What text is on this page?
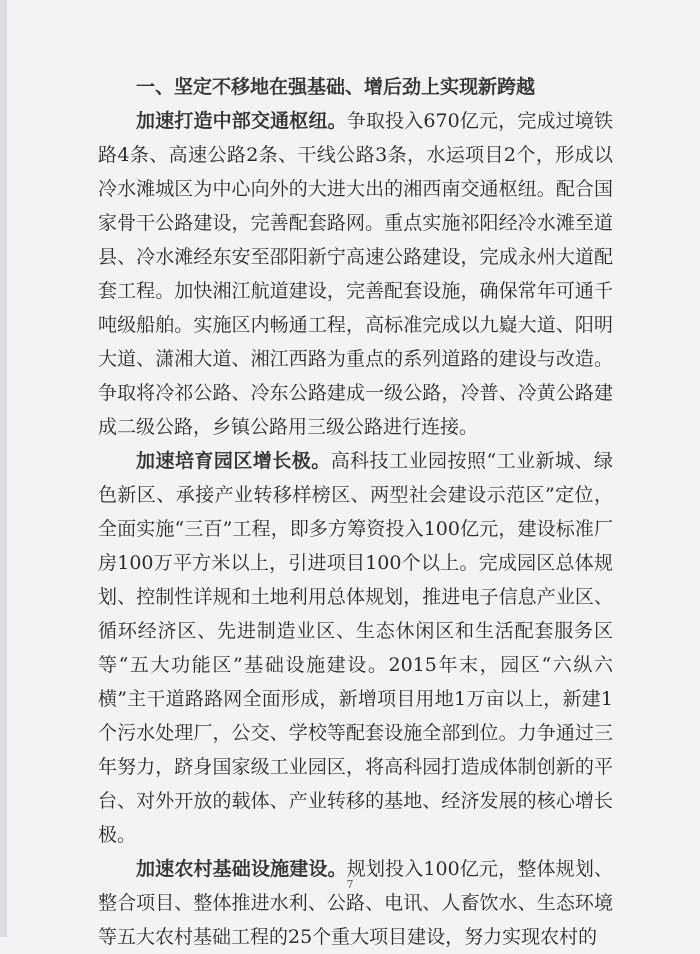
一、坚定不移地在强基础、增后劲上实现新跨越

加速打造中部交通枢纽。争取投入670亿元，完成过境铁路4条、高速公路2条、干线公路3条，水运项目2个，形成以冷水滩城区为中心向外的大进大出的湘西南交通枢纽。配合国家骨干公路建设，完善配套路网。重点实施祁阳经冷水滩至道县、冷水滩经东安至邵阳新宁高速公路建设，完成永州大道配套工程。加快湘江航道建设，完善配套设施，确保常年可通千吨级船舶。实施区内畅通工程，高标准完成以九嶷大道、阳明大道、潇湘大道、湘江西路为重点的系列道路的建设与改造。争取将冷祁公路、冷东公路建成一级公路，冷普、冷黄公路建成二级公路，乡镇公路用三级公路进行连接。

加速培育园区增长极。高科技工业园按照“工业新城、绿色新区、承接产业转移样榜区、两型社会建设示范区”定位，全面实施“三百”工程，即多方筹资投入100亿元，建设标准厂房100万平方米以上，引进项目100个以上。完成园区总体规划、控制性详规和土地利用总体规划，推进电子信息产业区、循环经济区、先进制造业区、生态休闲区和生活配套服务区等“五大功能区”基础设施建设。2015年末，园区“六纵六横”主干道路路网全面形成，新增项目用地1万亩以上，新建1个污水处理厂，公交、学校等配套设施全部到位。力争通过三年努力，跻身国家级工业园区，将高科园打造成体制创新的平台、对外开放的载体、产业转移的基地、经济发展的核心增长极。

加速农村基础设施建设。规划投入100亿元，整体规划、整合项目、整体推进水利、公路、电讯、人畜饮水、生态环境等五大农村基础工程的25个重大项目建设，努力实现农村的

7
